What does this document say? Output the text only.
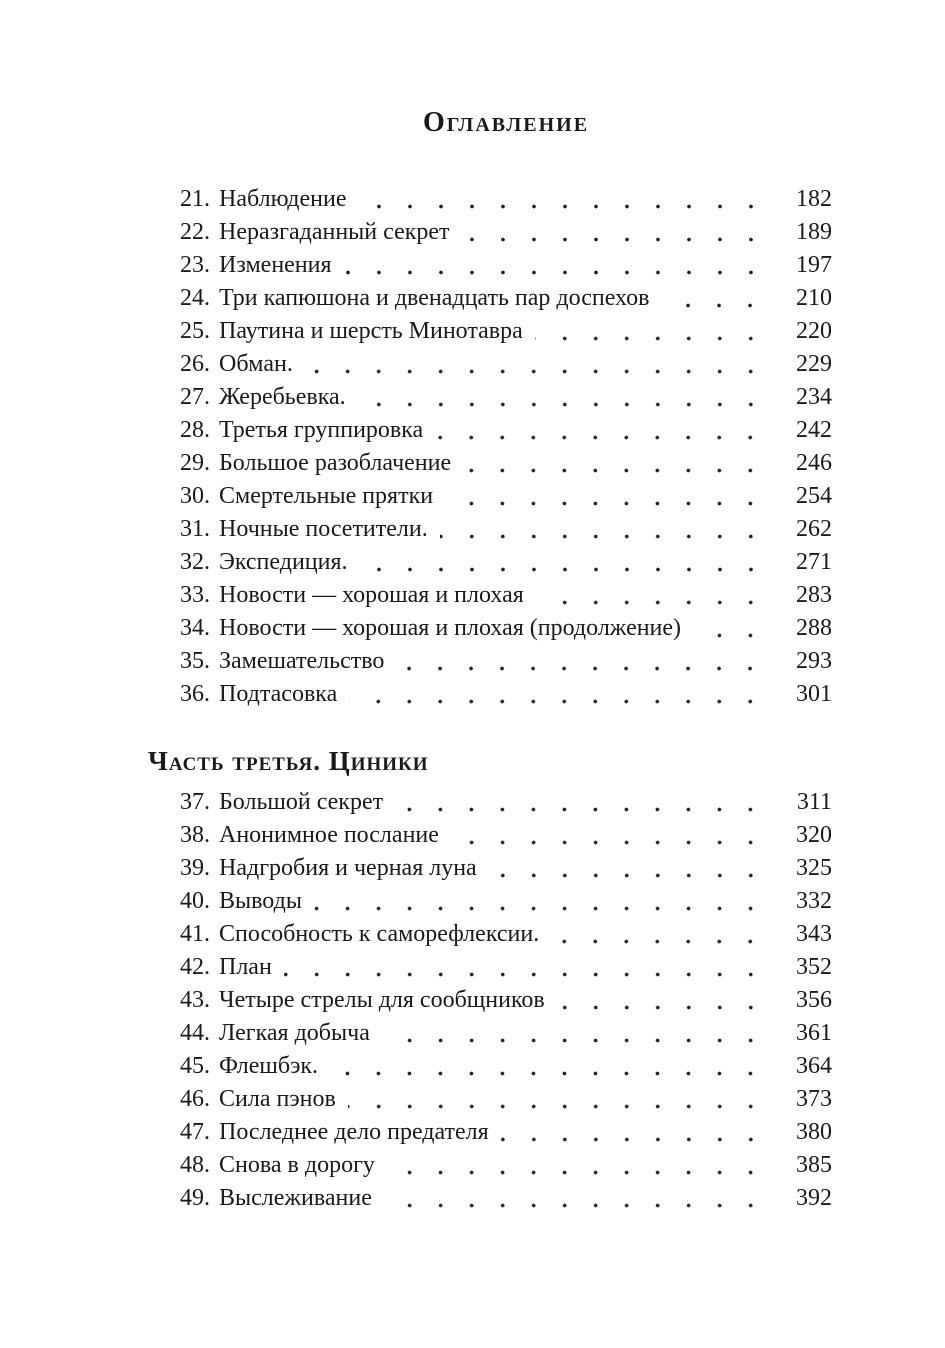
Оглавление
21. Наблюдение	182
22. Неразгаданный секрет	189
23. Изменения	197
24. Три капюшона и двенадцать пар доспехов	210
25. Паутина и шерсть Минотавра	220
26. Обман.	229
27. Жеребьевка.	234
28. Третья группировка	242
29. Большое разоблачение	246
30. Смертельные прятки	254
31. Ночные посетители.	262
32. Экспедиция.	271
33. Новости — хорошая и плохая	283
34. Новости — хорошая и плохая (продолжение)	288
35. Замешательство	293
36. Подтасовка	301
Часть третья. Циники
37. Большой секрет	311
38. Анонимное послание	320
39. Надгробия и черная луна	325
40. Выводы	332
41. Способность к саморефлексии.	343
42. План	352
43. Четыре стрелы для сообщников	356
44. Легкая добыча	361
45. Флешбэк.	364
46. Сила пэнов	373
47. Последнее дело предателя	380
48. Снова в дорогу	385
49. Выслеживание	392
